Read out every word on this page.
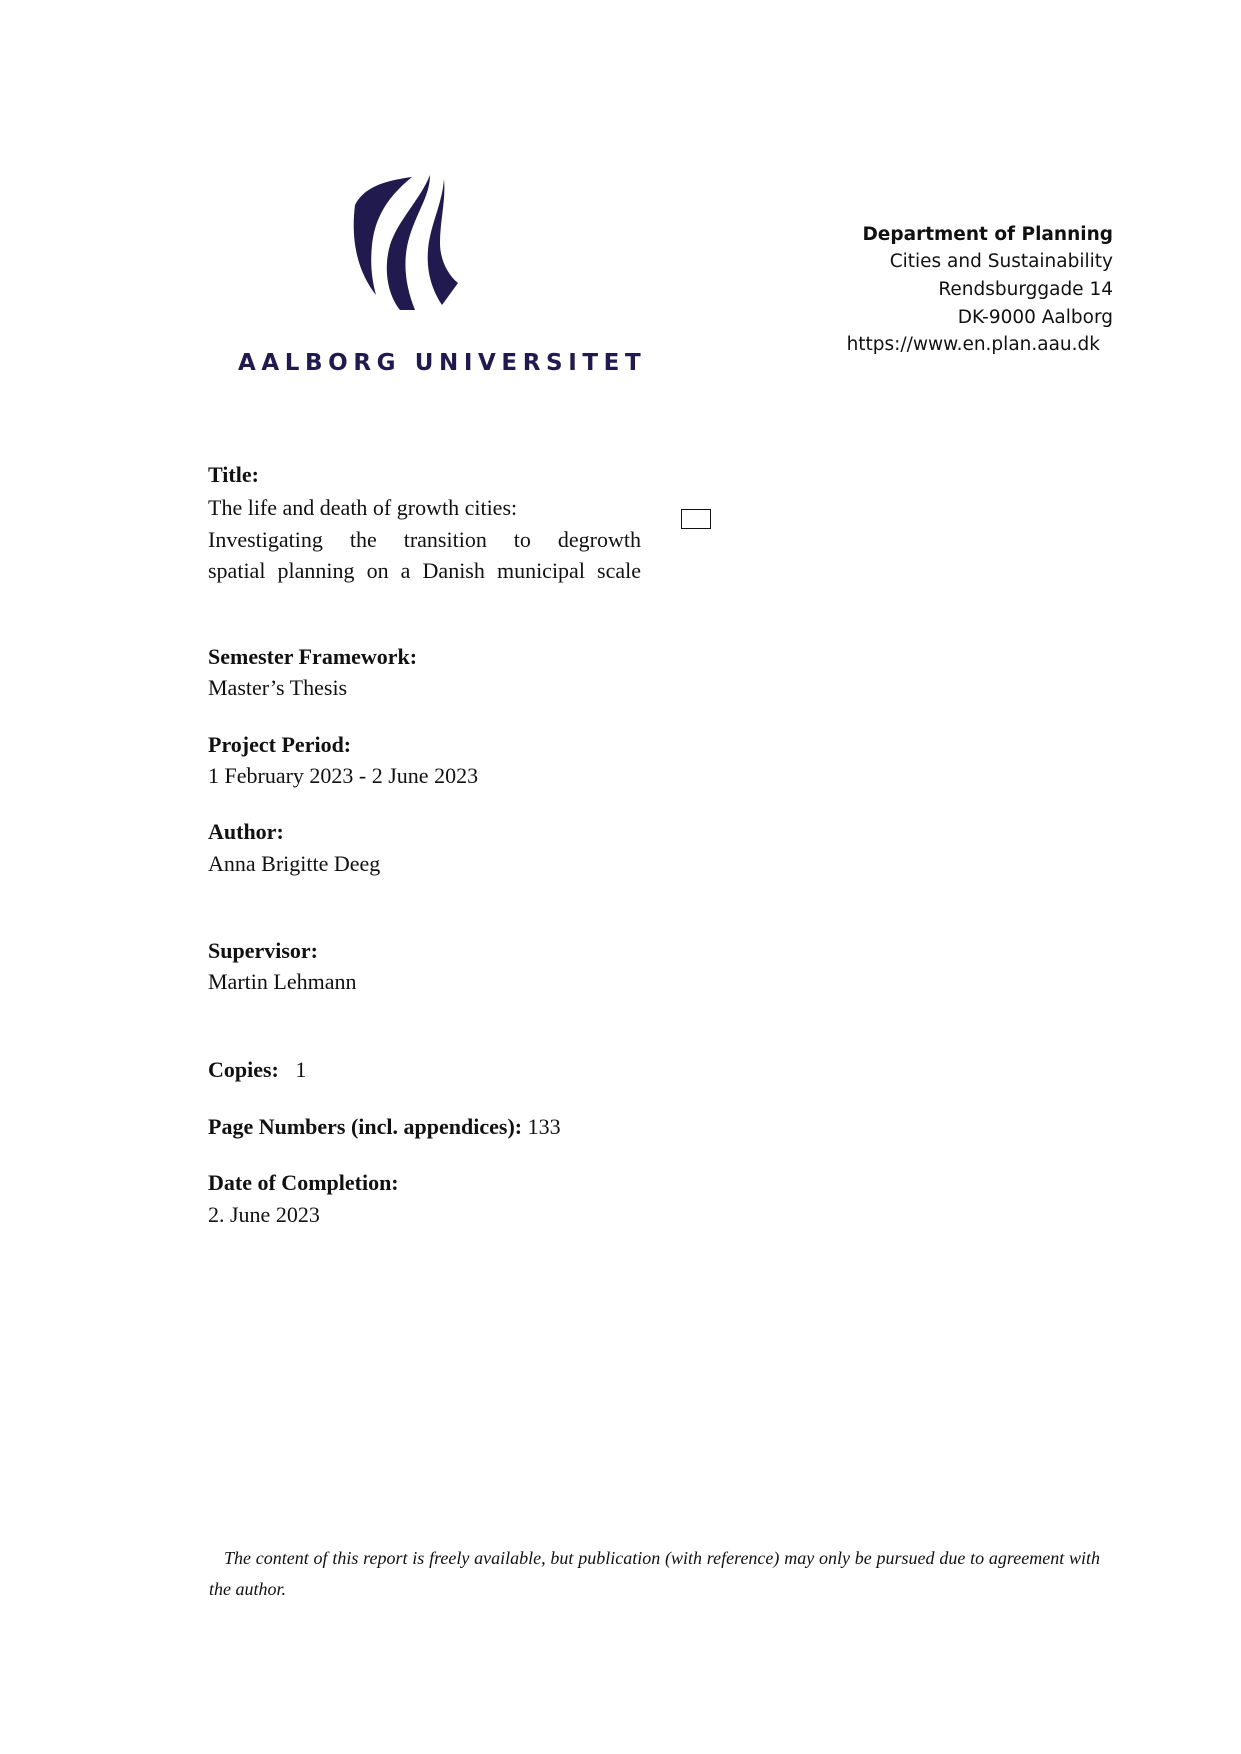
AALBORG UNIVERSITET
Department of Planning
Cities and Sustainability
Rendsburggade 14
DK-9000 Aalborg
https://www.en.plan.aau.dk
Title:
The life and death of growth cities:
Investigating the transition to degrowth
spatial planning on a Danish municipal scale
Semester Framework:
Master’s Thesis
Project Period:
1 February 2023 - 2 June 2023
Author:
Anna Brigitte Deeg
Supervisor:
Martin Lehmann
Copies: 1
Page Numbers (incl. appendices): 133
Date of Completion:
2. June 2023
The content of this report is freely available, but publication (with reference) may only be pursued due to agreement with the author.
